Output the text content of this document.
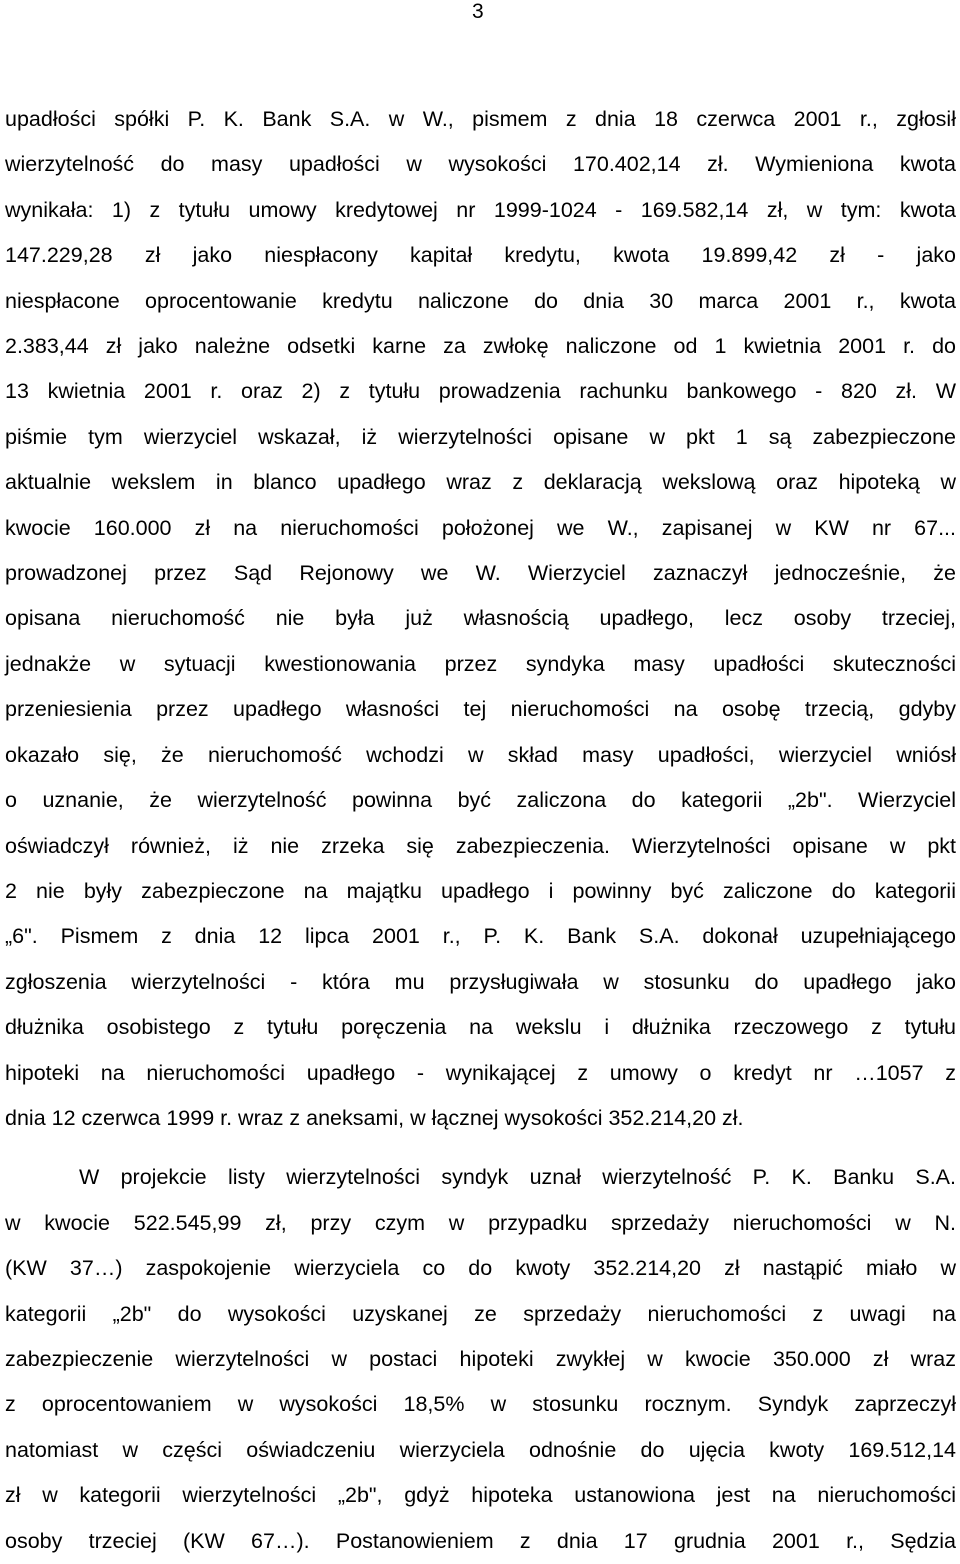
3

upadłości spółki P. K. Bank S.A. w W., pismem z dnia 18 czerwca 2001 r., zgłosił
wierzytelność do masy upadłości w wysokości 170.402,14 zł. Wymieniona kwota
wynikała: 1) z tytułu umowy kredytowej nr 1999-1024 - 169.582,14 zł, w tym: kwota
147.229,28 zł jako niespłacony kapitał kredytu, kwota 19.899,42 zł - jako
niespłacone oprocentowanie kredytu naliczone do dnia 30 marca 2001 r., kwota
2.383,44 zł jako należne odsetki karne za zwłokę naliczone od 1 kwietnia 2001 r. do
13 kwietnia 2001 r. oraz 2) z tytułu prowadzenia rachunku bankowego - 820 zł. W
piśmie tym wierzyciel wskazał, iż wierzytelności opisane w pkt 1 są zabezpieczone
aktualnie wekslem in blanco upadłego wraz z deklaracją wekslową oraz hipoteką w
kwocie 160.000 zł na nieruchomości położonej we W., zapisanej w KW nr 67...
prowadzonej przez Sąd Rejonowy we W. Wierzyciel zaznaczył jednocześnie, że
opisana nieruchomość nie była już własnością upadłego, lecz osoby trzeciej,
jednakże w sytuacji kwestionowania przez syndyka masy upadłości skuteczności
przeniesienia przez upadłego własności tej nieruchomości na osobę trzecią, gdyby
okazało się, że nieruchomość wchodzi w skład masy upadłości, wierzyciel wniósł
o uznanie, że wierzytelność powinna być zaliczona do kategorii „2b". Wierzyciel
oświadczył również, iż nie zrzeka się zabezpieczenia. Wierzytelności opisane w pkt
2 nie były zabezpieczone na majątku upadłego i powinny być zaliczone do kategorii
„6". Pismem z dnia 12 lipca 2001 r., P. K. Bank S.A. dokonał uzupełniającego
zgłoszenia wierzytelności - która mu przysługiwała w stosunku do upadłego jako
dłużnika osobistego z tytułu poręczenia na wekslu i dłużnika rzeczowego z tytułu
hipoteki na nieruchomości upadłego - wynikającej z umowy o kredyt nr …1057 z
dnia 12 czerwca 1999 r. wraz z aneksami, w łącznej wysokości 352.214,20 zł.

W projekcie listy wierzytelności syndyk uznał wierzytelność P. K. Banku S.A.
w kwocie 522.545,99 zł, przy czym w przypadku sprzedaży nieruchomości w N.
(KW 37…) zaspokojenie wierzyciela co do kwoty 352.214,20 zł nastąpić miało w
kategorii „2b" do wysokości uzyskanej ze sprzedaży nieruchomości z uwagi na
zabezpieczenie wierzytelności w postaci hipoteki zwykłej w kwocie 350.000 zł wraz
z oprocentowaniem w wysokości 18,5% w stosunku rocznym. Syndyk zaprzeczył
natomiast w części oświadczeniu wierzyciela odnośnie do ujęcia kwoty 169.512,14
zł w kategorii wierzytelności „2b", gdyż hipoteka ustanowiona jest na nieruchomości
osoby trzeciej (KW 67…). Postanowieniem z dnia 17 grudnia 2001 r., Sędzia
